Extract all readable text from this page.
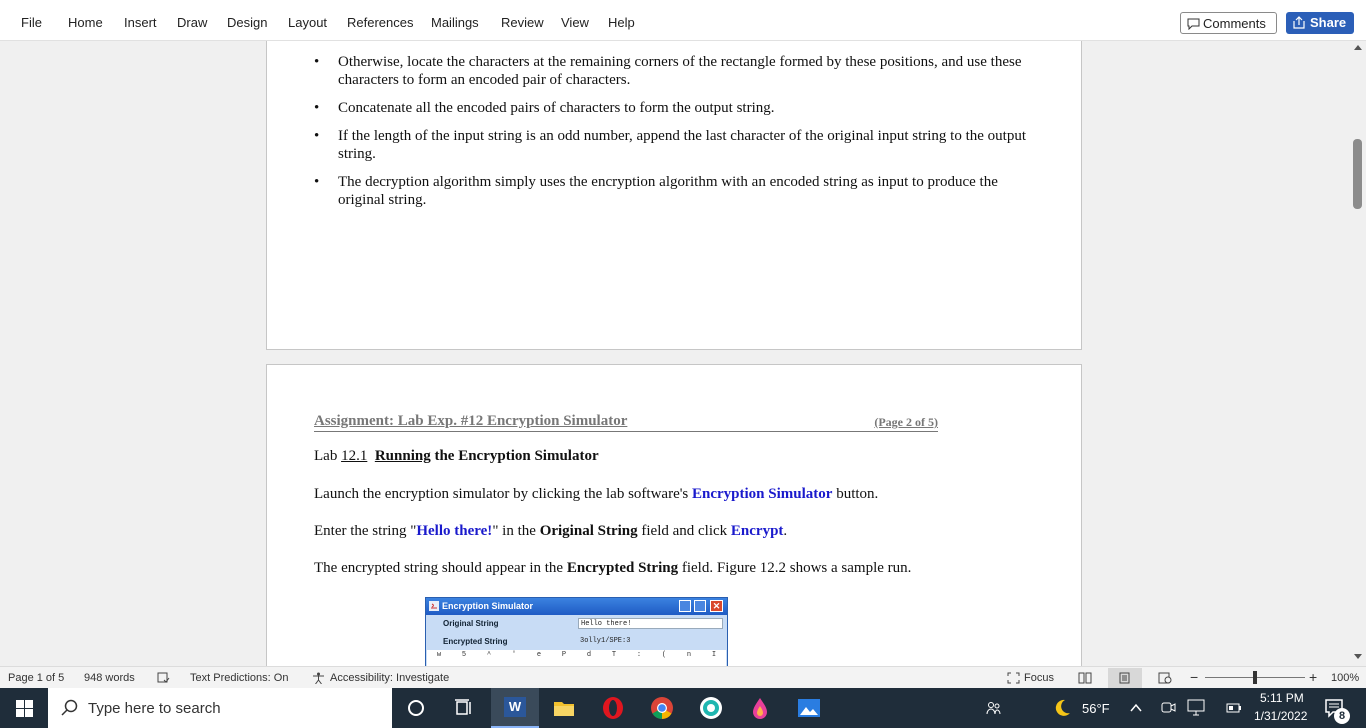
File Home Insert Draw Design Layout References Mailings Review View Help	Comments	Share
• Otherwise, locate the characters at the remaining corners of the rectangle formed by these positions, and use these characters to form an encoded pair of characters.
• Concatenate all the encoded pairs of characters to form the output string.
• If the length of the input string is an odd number, append the last character of the original input string to the output string.
• The decryption algorithm simply uses the encryption algorithm with an encoded string as input to produce the original string.
Assignment: Lab Exp. #12 Encryption Simulator	(Page 2 of 5)
Lab 12.1 Running the Encryption Simulator
Launch the encryption simulator by clicking the lab software's Encryption Simulator button.
Enter the string "Hello there!" in the Original String field and click Encrypt.
The encrypted string should appear in the Encrypted String field. Figure 12.2 shows a sample run.
Encryption Simulator	✕
Original String	Hello there!
Encrypted String	3olly1/SPE:3
w	5	^	'	e	P	d	T	:	(	n	I
Page 1 of 5 948 words	Text Predictions: On	Accessibility: Investigate	Focus	−	+ 100%
Type here to search	W	56°F
5:11 PM
1/31/2022	8
